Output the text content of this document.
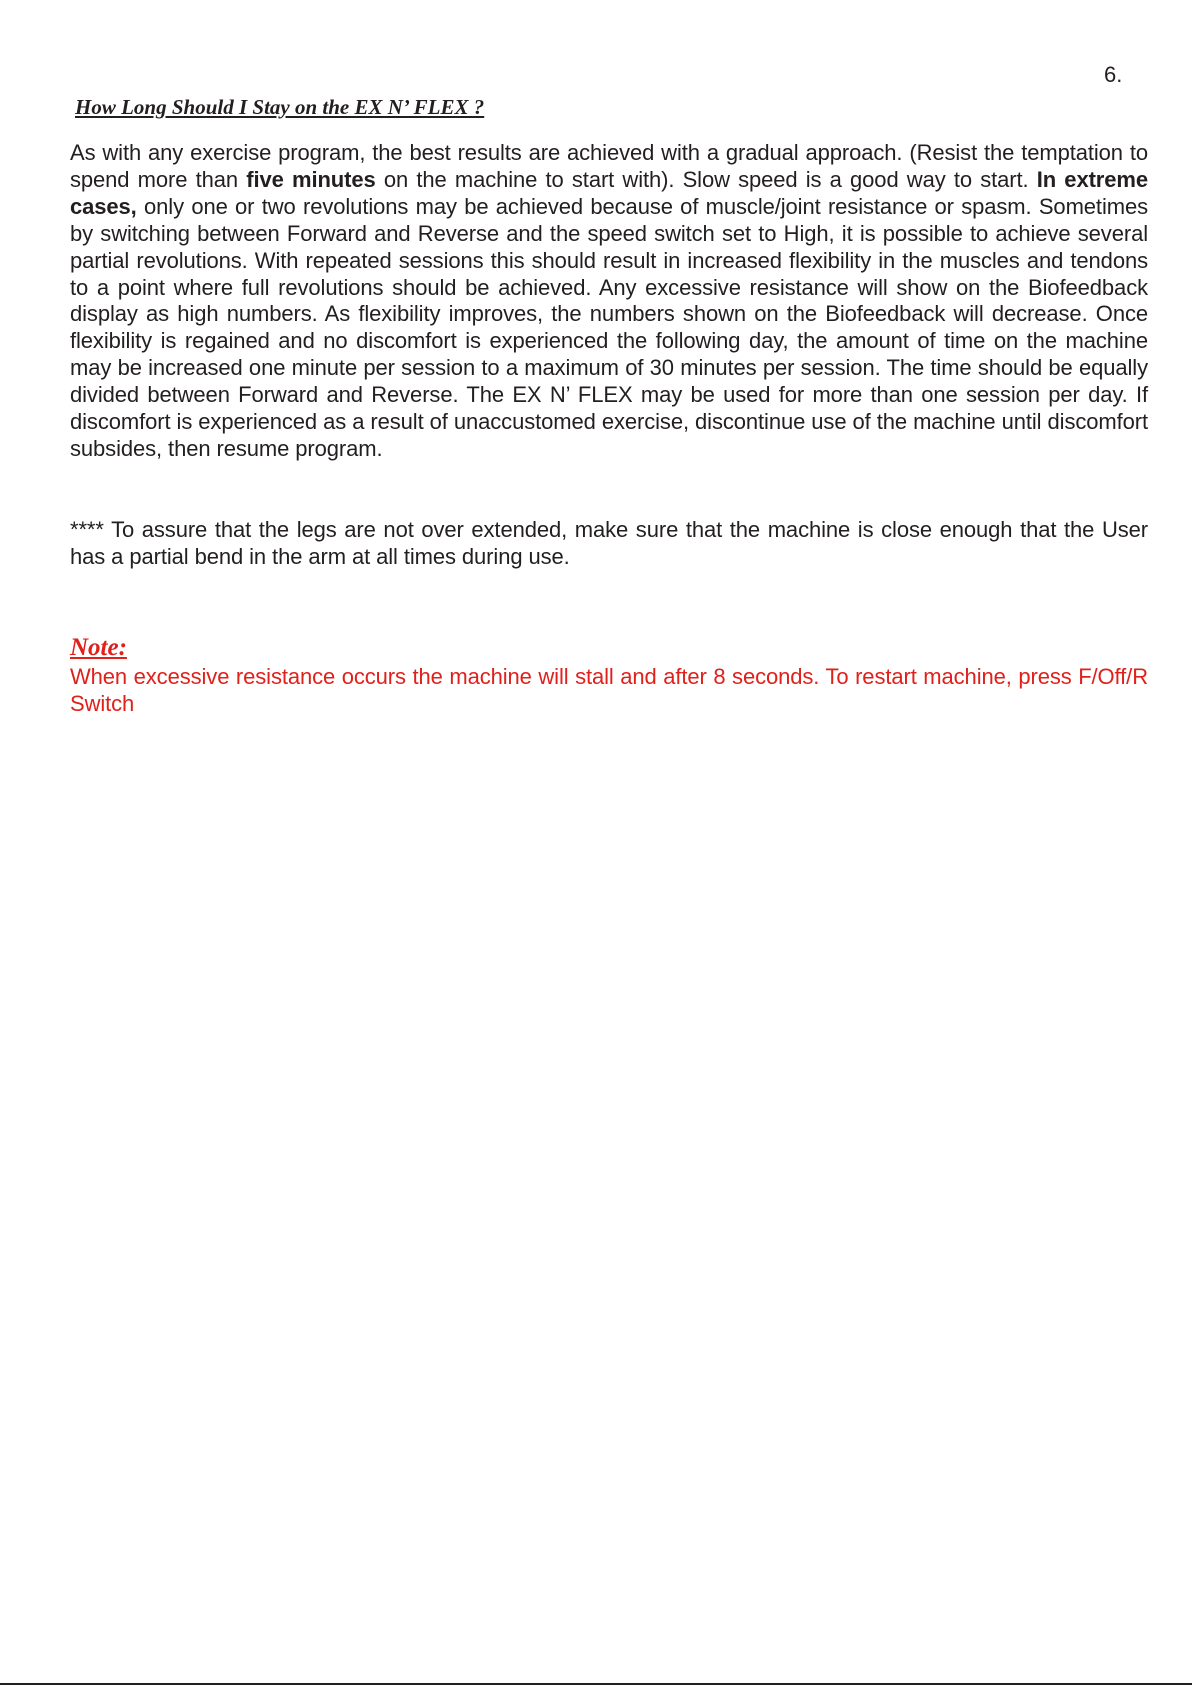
6.
How Long Should I Stay on the EX N’ FLEX ?

As with any exercise program, the best results are achieved with a gradual approach. (Resist the temptation to spend more than five minutes on the machine to start with). Slow speed is a good way to start. In extreme cases, only one or two revolutions may be achieved because of muscle/joint resistance or spasm. Sometimes by switching between Forward and Reverse and the speed switch set to High, it is possible to achieve several partial revolutions. With repeated sessions this should result in increased flexibility in the muscles and tendons to a point where full revolutions should be achieved. Any excessive resistance will show on the Biofeedback display as high numbers. As flexibility improves, the numbers shown on the Biofeedback will decrease. Once flexibility is regained and no discomfort is experienced the following day, the amount of time on the machine may be increased one minute per session to a maximum of 30 minutes per session. The time should be equally divided between Forward and Reverse. The EX N’ FLEX may be used for more than one session per day. If discomfort is experienced as a result of unaccustomed exercise, discontinue use of the machine until discomfort subsides, then resume program.

**** To assure that the legs are not over extended, make sure that the machine is close enough that the User has a partial bend in the arm at all times during use.

Note:

When excessive resistance occurs the machine will stall and after 8 seconds. To restart machine, press F/Off/R Switch
